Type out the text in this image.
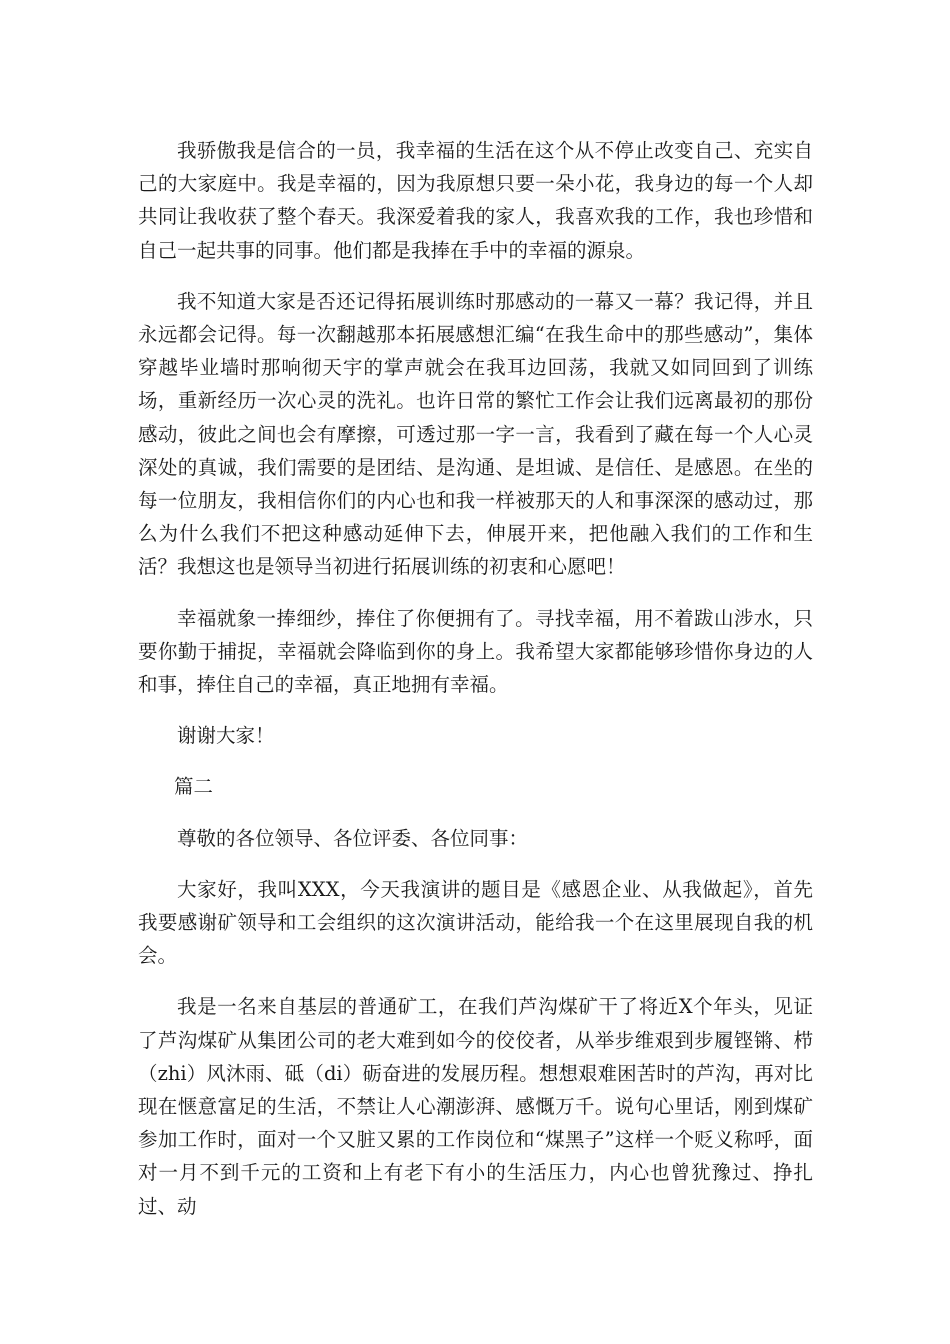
我骄傲我是信合的一员，我幸福的生活在这个从不停止改变自己、充实自己的大家庭中。我是幸福的，因为我原想只要一朵小花，我身边的每一个人却共同让我收获了整个春天。我深爱着我的家人，我喜欢我的工作，我也珍惜和自己一起共事的同事。他们都是我捧在手中的幸福的源泉。

我不知道大家是否还记得拓展训练时那感动的一幕又一幕？我记得，并且永远都会记得。每一次翻越那本拓展感想汇编“在我生命中的那些感动”，集体穿越毕业墙时那响彻天宇的掌声就会在我耳边回荡，我就又如同回到了训练场，重新经历一次心灵的洗礼。也许日常的繁忙工作会让我们远离最初的那份感动，彼此之间也会有摩擦，可透过那一字一言，我看到了藏在每一个人心灵深处的真诚，我们需要的是团结、是沟通、是坦诚、是信任、是感恩。在坐的每一位朋友，我相信你们的内心也和我一样被那天的人和事深深的感动过，那么为什么我们不把这种感动延伸下去，伸展开来，把他融入我们的工作和生活？我想这也是领导当初进行拓展训练的初衷和心愿吧！

幸福就象一捧细纱，捧住了你便拥有了。寻找幸福，用不着跋山涉水，只要你勤于捕捉，幸福就会降临到你的身上。我希望大家都能够珍惜你身边的人和事，捧住自己的幸福，真正地拥有幸福。

谢谢大家！

篇二

尊敬的各位领导、各位评委、各位同事：

大家好，我叫XXX，今天我演讲的题目是《感恩企业、从我做起》，首先我要感谢矿领导和工会组织的这次演讲活动，能给我一个在这里展现自我的机会。

我是一名来自基层的普通矿工，在我们芦沟煤矿干了将近X个年头，见证了芦沟煤矿从集团公司的老大难到如今的佼佼者，从举步维艰到步履铿锵、栉（zhi）风沐雨、砥（di）砺奋进的发展历程。想想艰难困苦时的芦沟，再对比现在惬意富足的生活，不禁让人心潮澎湃、感慨万千。说句心里话，刚到煤矿参加工作时，面对一个又脏又累的工作岗位和“煤黑子”这样一个贬义称呼，面对一月不到千元的工资和上有老下有小的生活压力，内心也曾犹豫过、挣扎过、动
